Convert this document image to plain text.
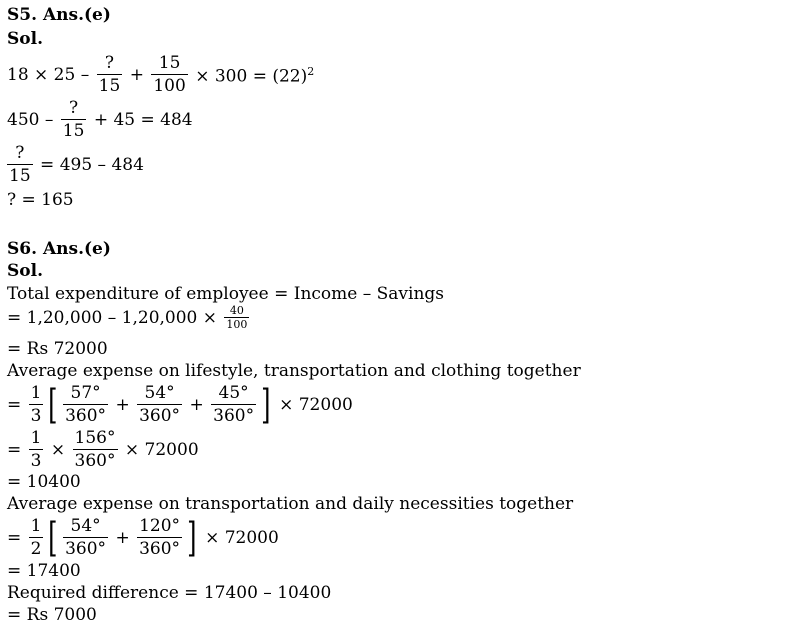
S5. Ans.(e)
Sol.
$18 \times 25 - \frac{?}{15} + \frac{15}{100} \times 300 = (22)^2$
$450 - \frac{?}{15} + 45 = 484$
$\frac{?}{15} = 495 - 484$
? = 165
S6. Ans.(e)
Sol.
Total expenditure of employee = Income – Savings
= $1,20,000 - 1,20,000 \times \frac{40}{100}$
= Rs 72000
Average expense on lifestyle, transportation and clothing together
= $\frac{1}{3}$ [ $\frac{57^\circ}{360^\circ} + \frac{54^\circ}{360^\circ} + \frac{45^\circ}{360^\circ}$ ] × 72000
= $\frac{1}{3} \times \frac{156^\circ}{360^\circ} \times 72000$
= 10400
Average expense on transportation and daily necessities together
= $\frac{1}{2}$ [ $\frac{54^\circ}{360^\circ} + \frac{120^\circ}{360^\circ}$ ] × 72000
= 17400
Required difference = 17400 – 10400
= Rs 7000
